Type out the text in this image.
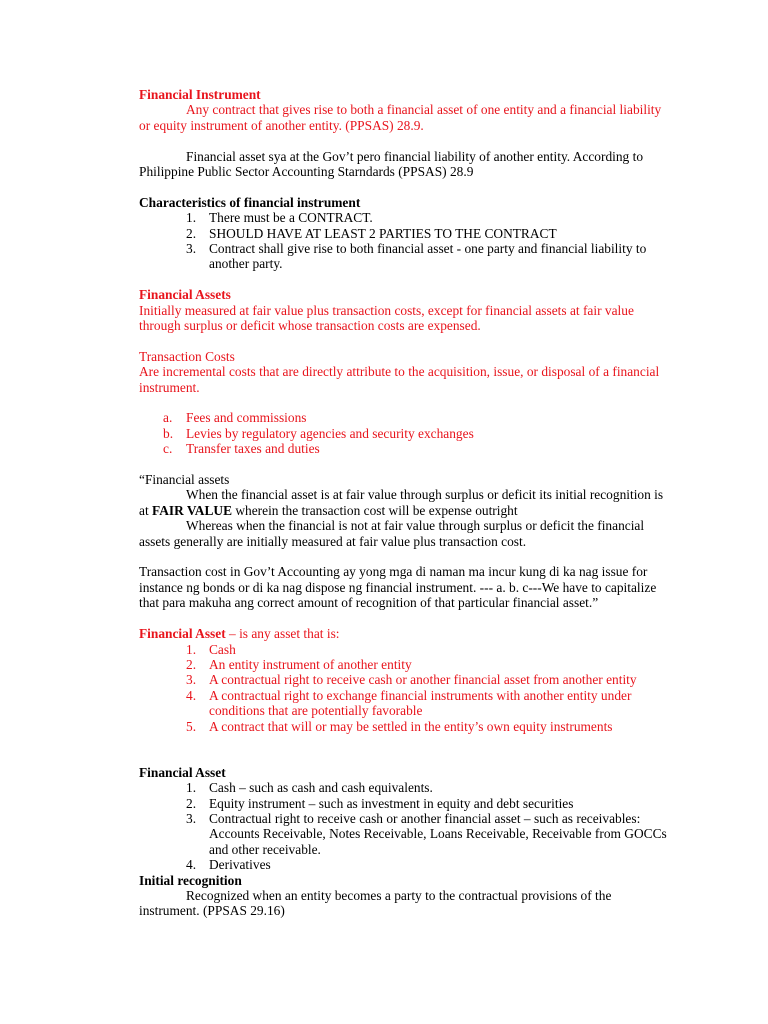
Financial Instrument
Any contract that gives rise to both a financial asset of one entity and a financial liability or equity instrument of another entity. (PPSAS) 28.9.
Financial asset sya at the Gov’t pero financial liability of another entity. According to Philippine Public Sector Accounting Starndards (PPSAS) 28.9
Characteristics of financial instrument
1. There must be a CONTRACT.
2. SHOULD HAVE AT LEAST 2 PARTIES TO THE CONTRACT
3. Contract shall give rise to both financial asset - one party and financial liability to another party.
Financial Assets
Initially measured at fair value plus transaction costs, except for financial assets at fair value through surplus or deficit whose transaction costs are expensed.
Transaction Costs
Are incremental costs that are directly attribute to the acquisition, issue, or disposal of a financial instrument.
a. Fees and commissions
b. Levies by regulatory agencies and security exchanges
c. Transfer taxes and duties
“Financial assets
When the financial asset is at fair value through surplus or deficit its initial recognition is at FAIR VALUE wherein the transaction cost will be expense outright
Whereas when the financial is not at fair value through surplus or deficit the financial assets generally are initially measured at fair value plus transaction cost.
Transaction cost in Gov’t Accounting ay yong mga di naman ma incur kung di ka nag issue for instance ng bonds or di ka nag dispose ng financial instrument. --- a. b. c---We have to capitalize that para makuha ang correct amount of recognition of that particular financial asset.”
Financial Asset – is any asset that is:
1. Cash
2. An entity instrument of another entity
3. A contractual right to receive cash or another financial asset from another entity
4. A contractual right to exchange financial instruments with another entity under conditions that are potentially favorable
5. A contract that will or may be settled in the entity’s own equity instruments
Financial Asset
1. Cash – such as cash and cash equivalents.
2. Equity instrument – such as investment in equity and debt securities
3. Contractual right to receive cash or another financial asset – such as receivables: Accounts Receivable, Notes Receivable, Loans Receivable, Receivable from GOCCs and other receivable.
4. Derivatives
Initial recognition
Recognized when an entity becomes a party to the contractual provisions of the instrument. (PPSAS 29.16)
